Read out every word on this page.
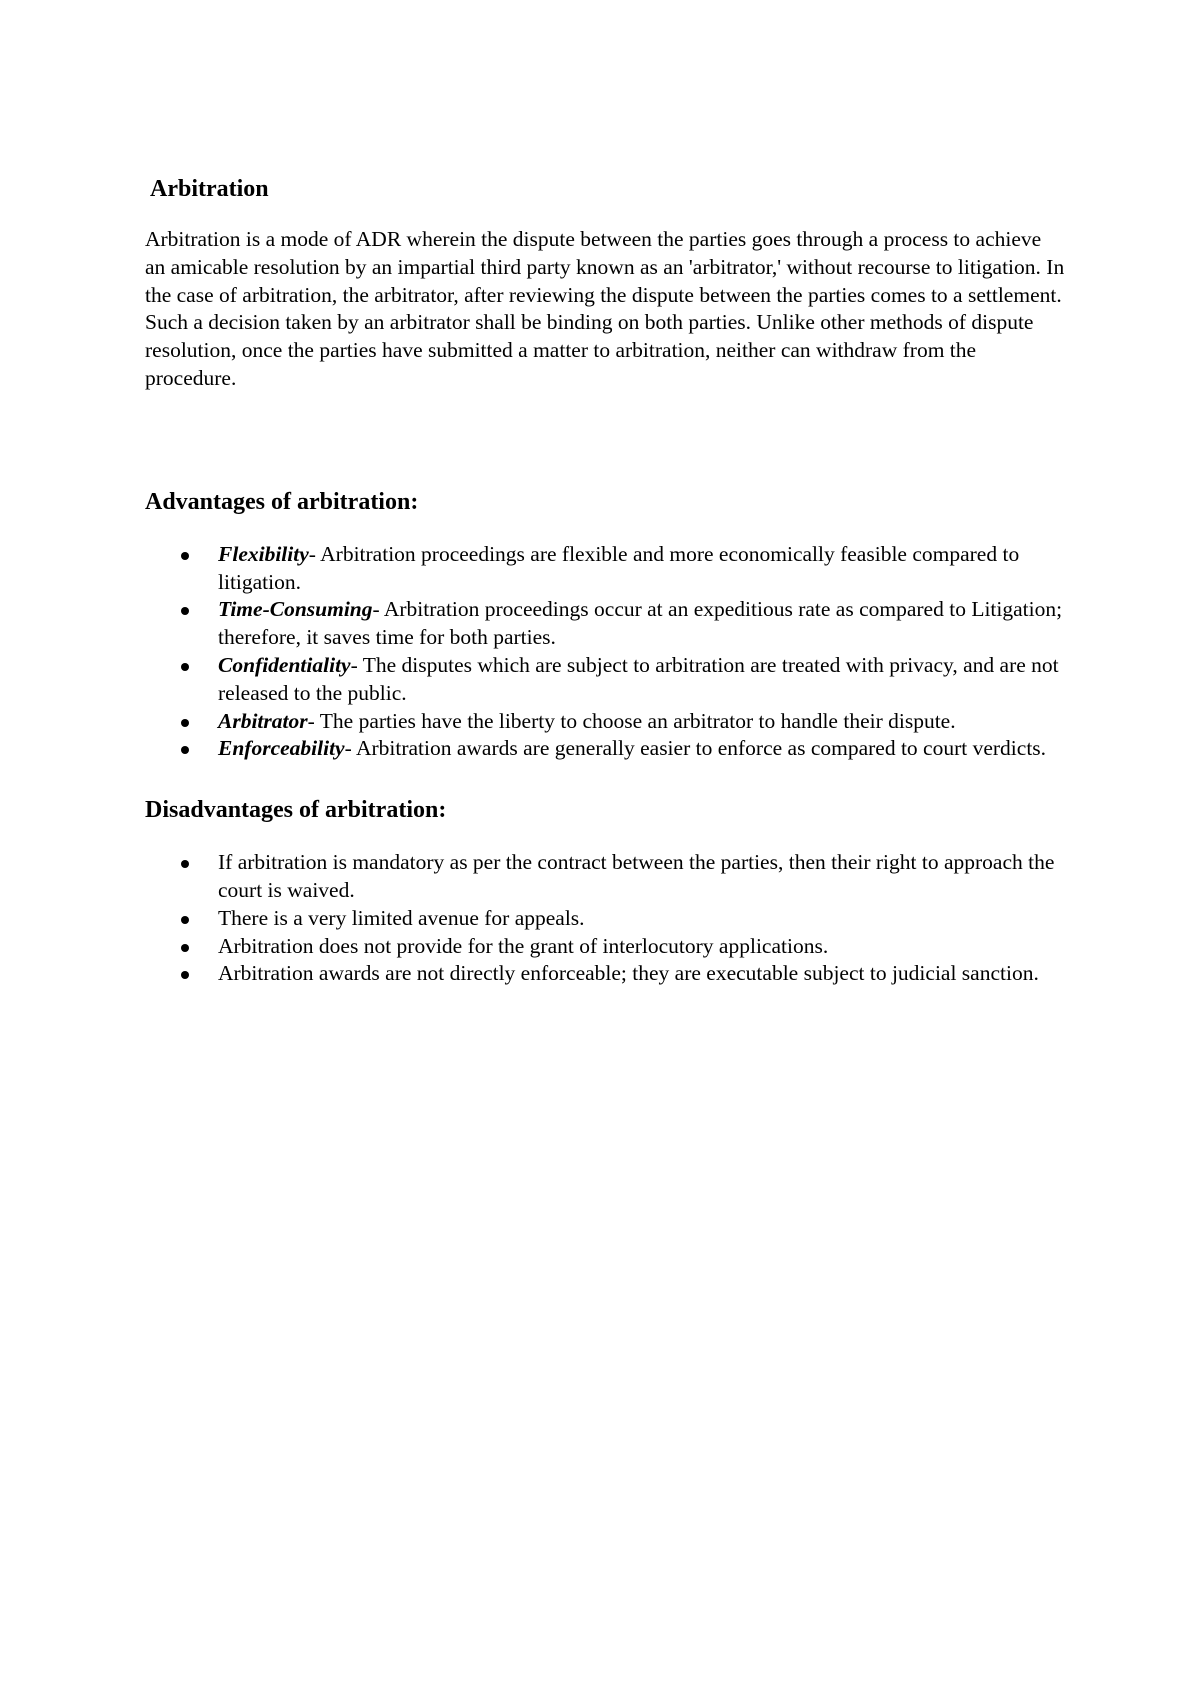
Arbitration

Arbitration is a mode of ADR wherein the dispute between the parties goes through a process to achieve an amicable resolution by an impartial third party known as an 'arbitrator,' without recourse to litigation. In the case of arbitration, the arbitrator, after reviewing the dispute between the parties comes to a settlement. Such a decision taken by an arbitrator shall be binding on both parties. Unlike other methods of dispute resolution, once the parties have submitted a matter to arbitration, neither can withdraw from the procedure.

Advantages of arbitration:
Flexibility- Arbitration proceedings are flexible and more economically feasible compared to litigation.
Time-Consuming- Arbitration proceedings occur at an expeditious rate as compared to Litigation; therefore, it saves time for both parties.
Confidentiality- The disputes which are subject to arbitration are treated with privacy, and are not released to the public.
Arbitrator- The parties have the liberty to choose an arbitrator to handle their dispute.
Enforceability- Arbitration awards are generally easier to enforce as compared to court verdicts.
Disadvantages of arbitration:
If arbitration is mandatory as per the contract between the parties, then their right to approach the court is waived.
There is a very limited avenue for appeals.
Arbitration does not provide for the grant of interlocutory applications.
Arbitration awards are not directly enforceable; they are executable subject to judicial sanction.
